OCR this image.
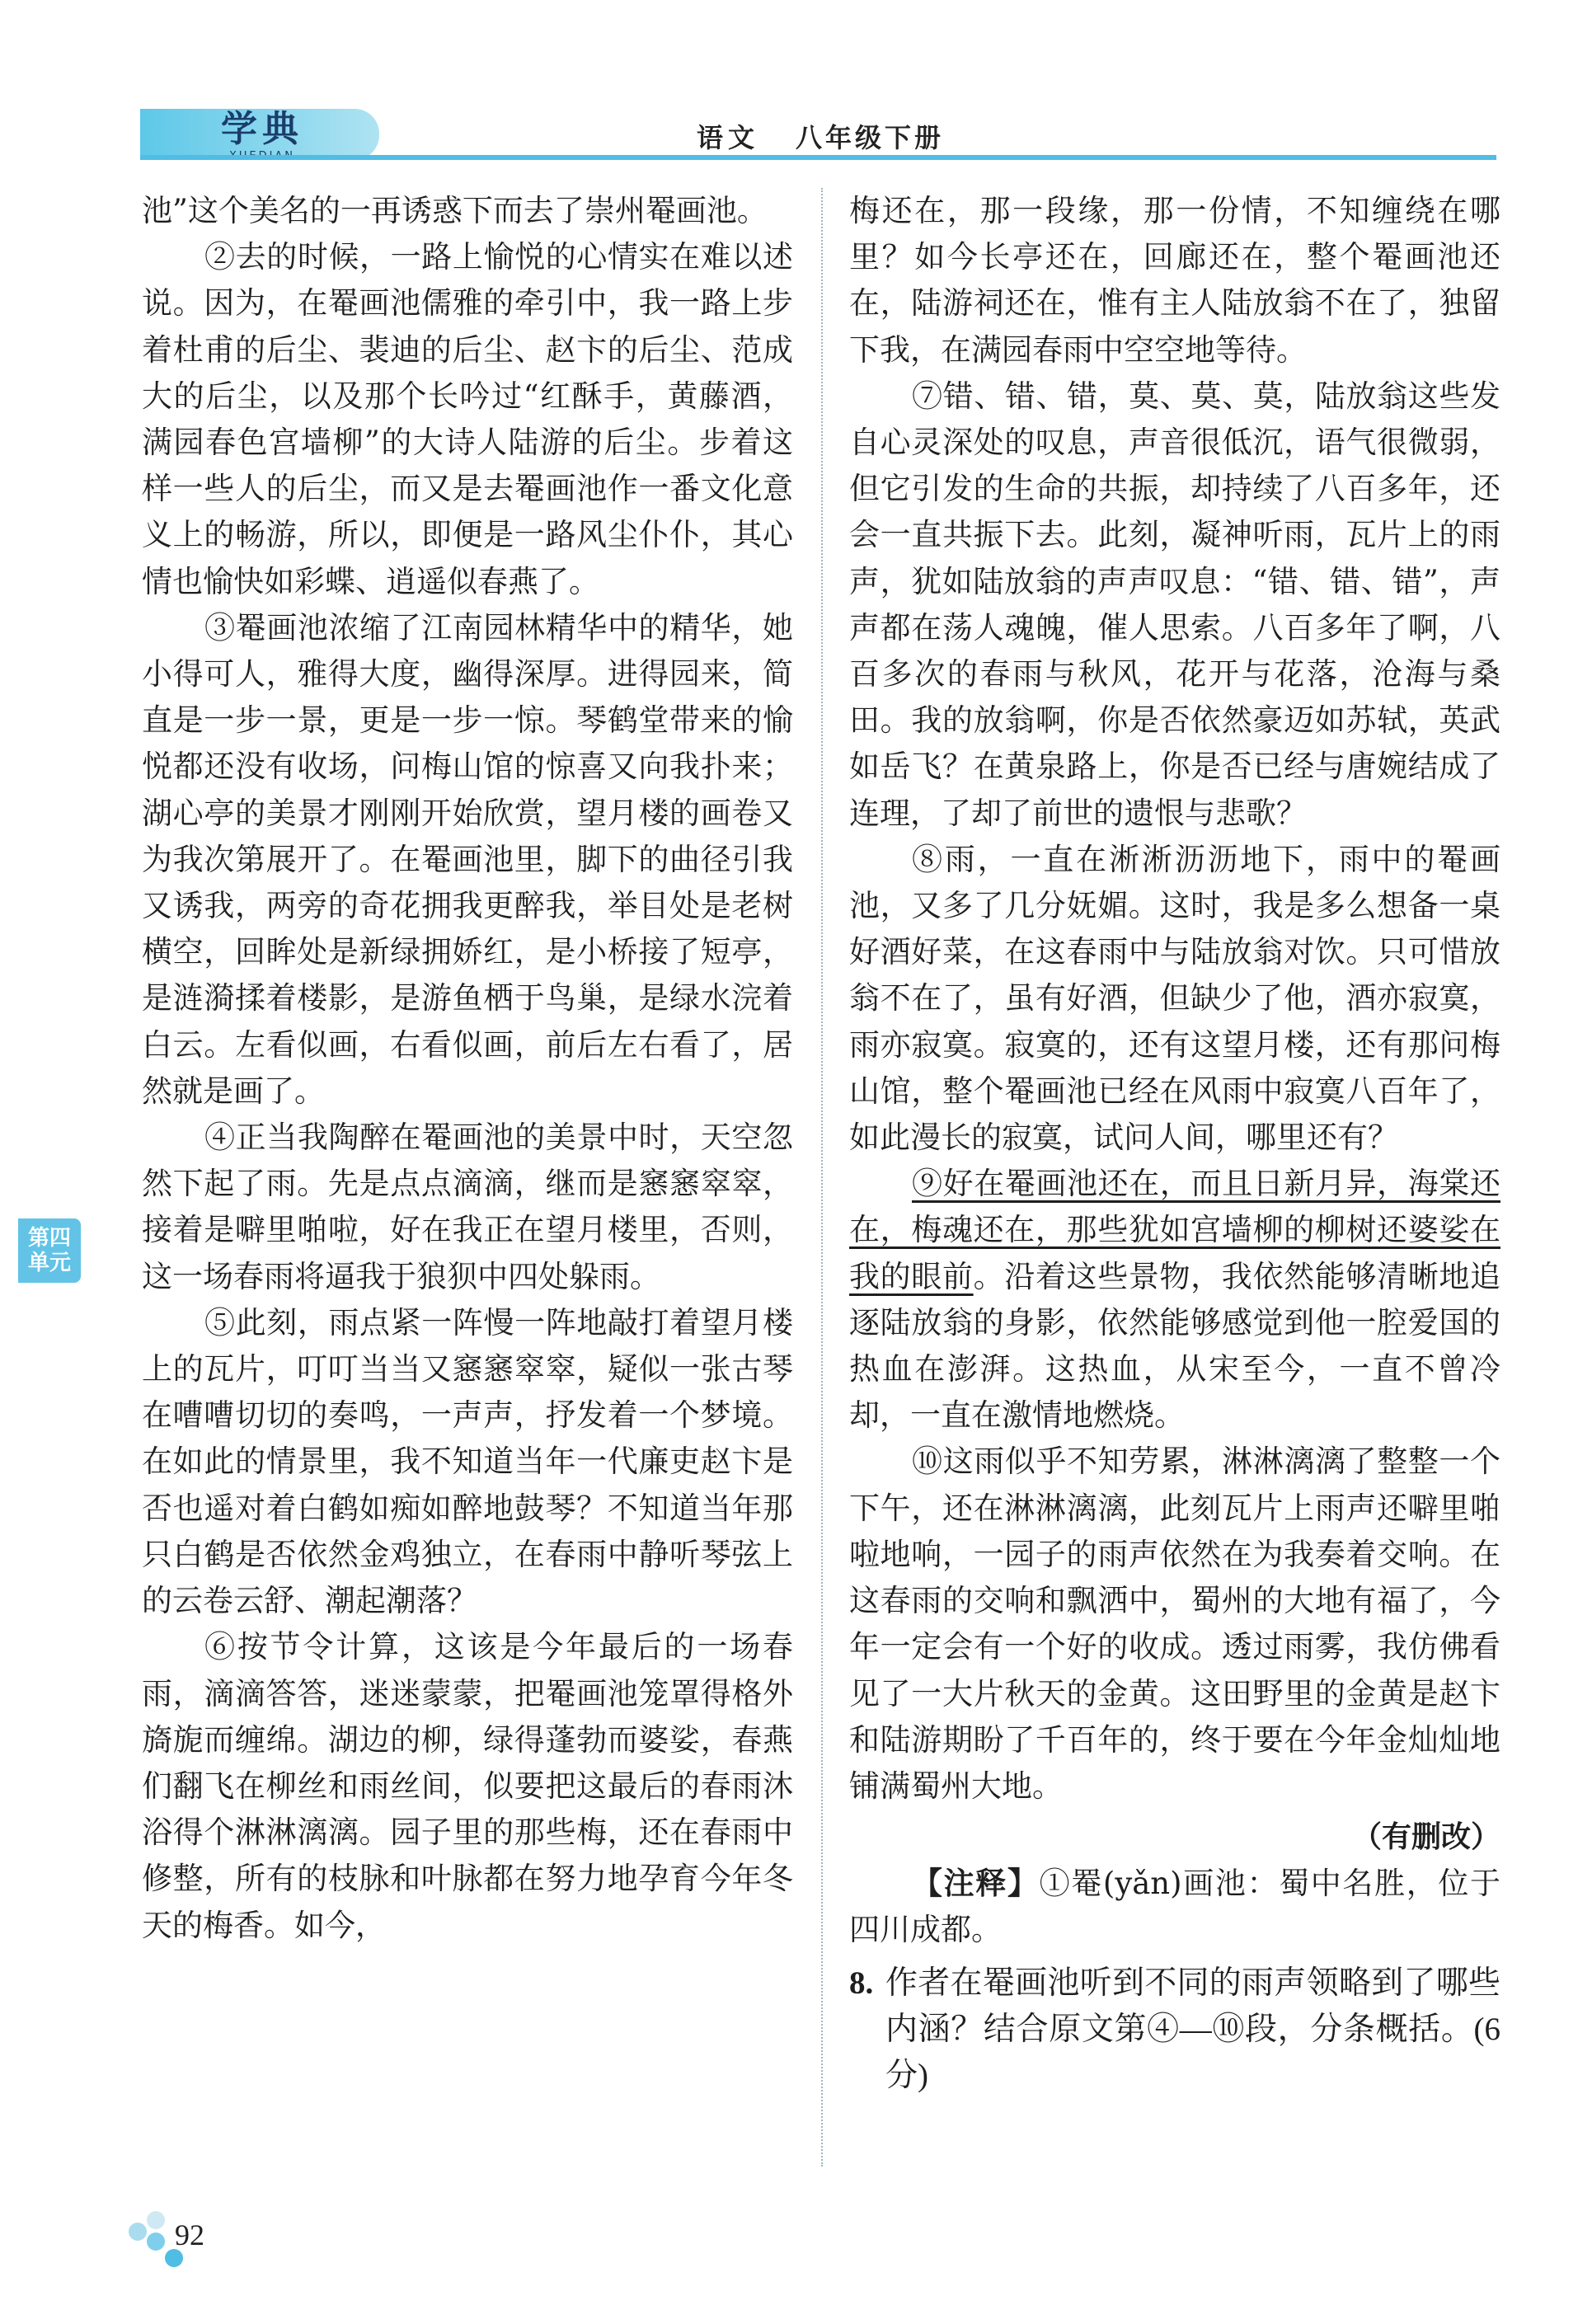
学典	语文 八年级下册

池”这个美名的一再诱惑下而去了崇州罨画池。

②去的时候，一路上愉悦的心情实在难以述说。因为，在罨画池儒雅的牵引中，我一路上步着杜甫的后尘、裴迪的后尘、赵卞的后尘、范成大的后尘，以及那个长吟过“红酥手，黄藤酒，满园春色宫墙柳”的大诗人陆游的后尘。步着这样一些人的后尘，而又是去罨画池作一番文化意义上的畅游，所以，即便是一路风尘仆仆，其心情也愉快如彩蝶、逍遥似春燕了。

③罨画池浓缩了江南园林精华中的精华，她小得可人，雅得大度，幽得深厚。进得园来，简直是一步一景，更是一步一惊。琴鹤堂带来的愉悦都还没有收场，问梅山馆的惊喜又向我扑来；湖心亭的美景才刚刚开始欣赏，望月楼的画卷又为我次第展开了。在罨画池里，脚下的曲径引我又诱我，两旁的奇花拥我更醉我，举目处是老树横空，回眸处是新绿拥娇红，是小桥接了短亭，是涟漪揉着楼影，是游鱼栖于鸟巢，是绿水浣着白云。左看似画，右看似画，前后左右看了，居然就是画了。

④正当我陶醉在罨画池的美景中时，天空忽然下起了雨。先是点点滴滴，继而是窸窸窣窣，接着是噼里啪啦，好在我正在望月楼里，否则，这一场春雨将逼我于狼狈中四处躲雨。

⑤此刻，雨点紧一阵慢一阵地敲打着望月楼上的瓦片，叮叮当当又窸窸窣窣，疑似一张古琴在嘈嘈切切的奏鸣，一声声，抒发着一个梦境。在如此的情景里，我不知道当年一代廉吏赵卞是否也遥对着白鹤如痴如醉地鼓琴？不知道当年那只白鹤是否依然金鸡独立，在春雨中静听琴弦上的云卷云舒、潮起潮落？

⑥按节令计算，这该是今年最后的一场春雨，滴滴答答，迷迷蒙蒙，把罨画池笼罩得格外旖旎而缠绵。湖边的柳，绿得蓬勃而婆娑，春燕们翻飞在柳丝和雨丝间，似要把这最后的春雨沐浴得个淋淋漓漓。园子里的那些梅，还在春雨中修整，所有的枝脉和叶脉都在努力地孕育今年冬天的梅香。如今，

梅还在，那一段缘，那一份情，不知缠绕在哪里？如今长亭还在，回廊还在，整个罨画池还在，陆游祠还在，惟有主人陆放翁不在了，独留下我，在满园春雨中空空地等待。

⑦错、错、错，莫、莫、莫，陆放翁这些发自心灵深处的叹息，声音很低沉，语气很微弱，但它引发的生命的共振，却持续了八百多年，还会一直共振下去。此刻，凝神听雨，瓦片上的雨声，犹如陆放翁的声声叹息：“错、错、错”，声声都在荡人魂魄，催人思索。八百多年了啊，八百多次的春雨与秋风，花开与花落，沧海与桑田。我的放翁啊，你是否依然豪迈如苏轼，英武如岳飞？在黄泉路上，你是否已经与唐婉结成了连理，了却了前世的遗恨与悲歌？

⑧雨，一直在淅淅沥沥地下，雨中的罨画池，又多了几分妩媚。这时，我是多么想备一桌好酒好菜，在这春雨中与陆放翁对饮。只可惜放翁不在了，虽有好酒，但缺少了他，酒亦寂寞，雨亦寂寞。寂寞的，还有这望月楼，还有那问梅山馆，整个罨画池已经在风雨中寂寞八百年了，如此漫长的寂寞，试问人间，哪里还有？

⑨好在罨画池还在，而且日新月异，海棠还在，梅魂还在，那些犹如宫墙柳的柳树还婆娑在我的眼前。沿着这些景物，我依然能够清晰地追逐陆放翁的身影，依然能够感觉到他一腔爱国的热血在澎湃。这热血，从宋至今，一直不曾冷却，一直在激情地燃烧。

⑩这雨似乎不知劳累，淋淋漓漓了整整一个下午，还在淋淋漓漓，此刻瓦片上雨声还噼里啪啦地响，一园子的雨声依然在为我奏着交响。在这春雨的交响和飘洒中，蜀州的大地有福了，今年一定会有一个好的收成。透过雨雾，我仿佛看见了一大片秋天的金黄。这田野里的金黄是赵卞和陆游期盼了千百年的，终于要在今年金灿灿地铺满蜀州大地。

（有删改）

【注释】①罨(yǎn)画池：蜀中名胜，位于四川成都。

8. 作者在罨画池听到不同的雨声领略到了哪些内涵？结合原文第④—⑩段，分条概括。(6分)

第四
单元
92
